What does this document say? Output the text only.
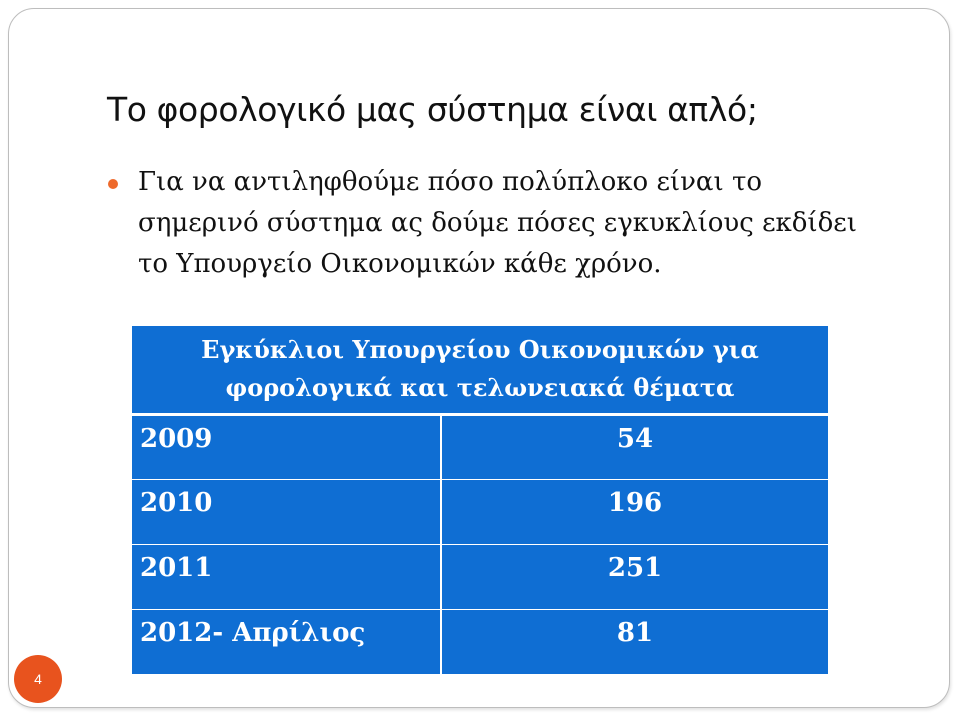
Το φορολογικό μας σύστημα είναι απλό;
Για να αντιληφθούμε πόσο πολύπλοκο είναι το σημερινό σύστημα ας δούμε πόσες εγκυκλίους εκδίδει το Υπουργείο Οικονομικών κάθε χρόνο.
Εγκύκλιοι Υπουργείου Οικονομικών για φορολογικά και τελωνειακά θέματα	
2009	54
2010	196
2011	251
2012- Απρίλιος	81
4
